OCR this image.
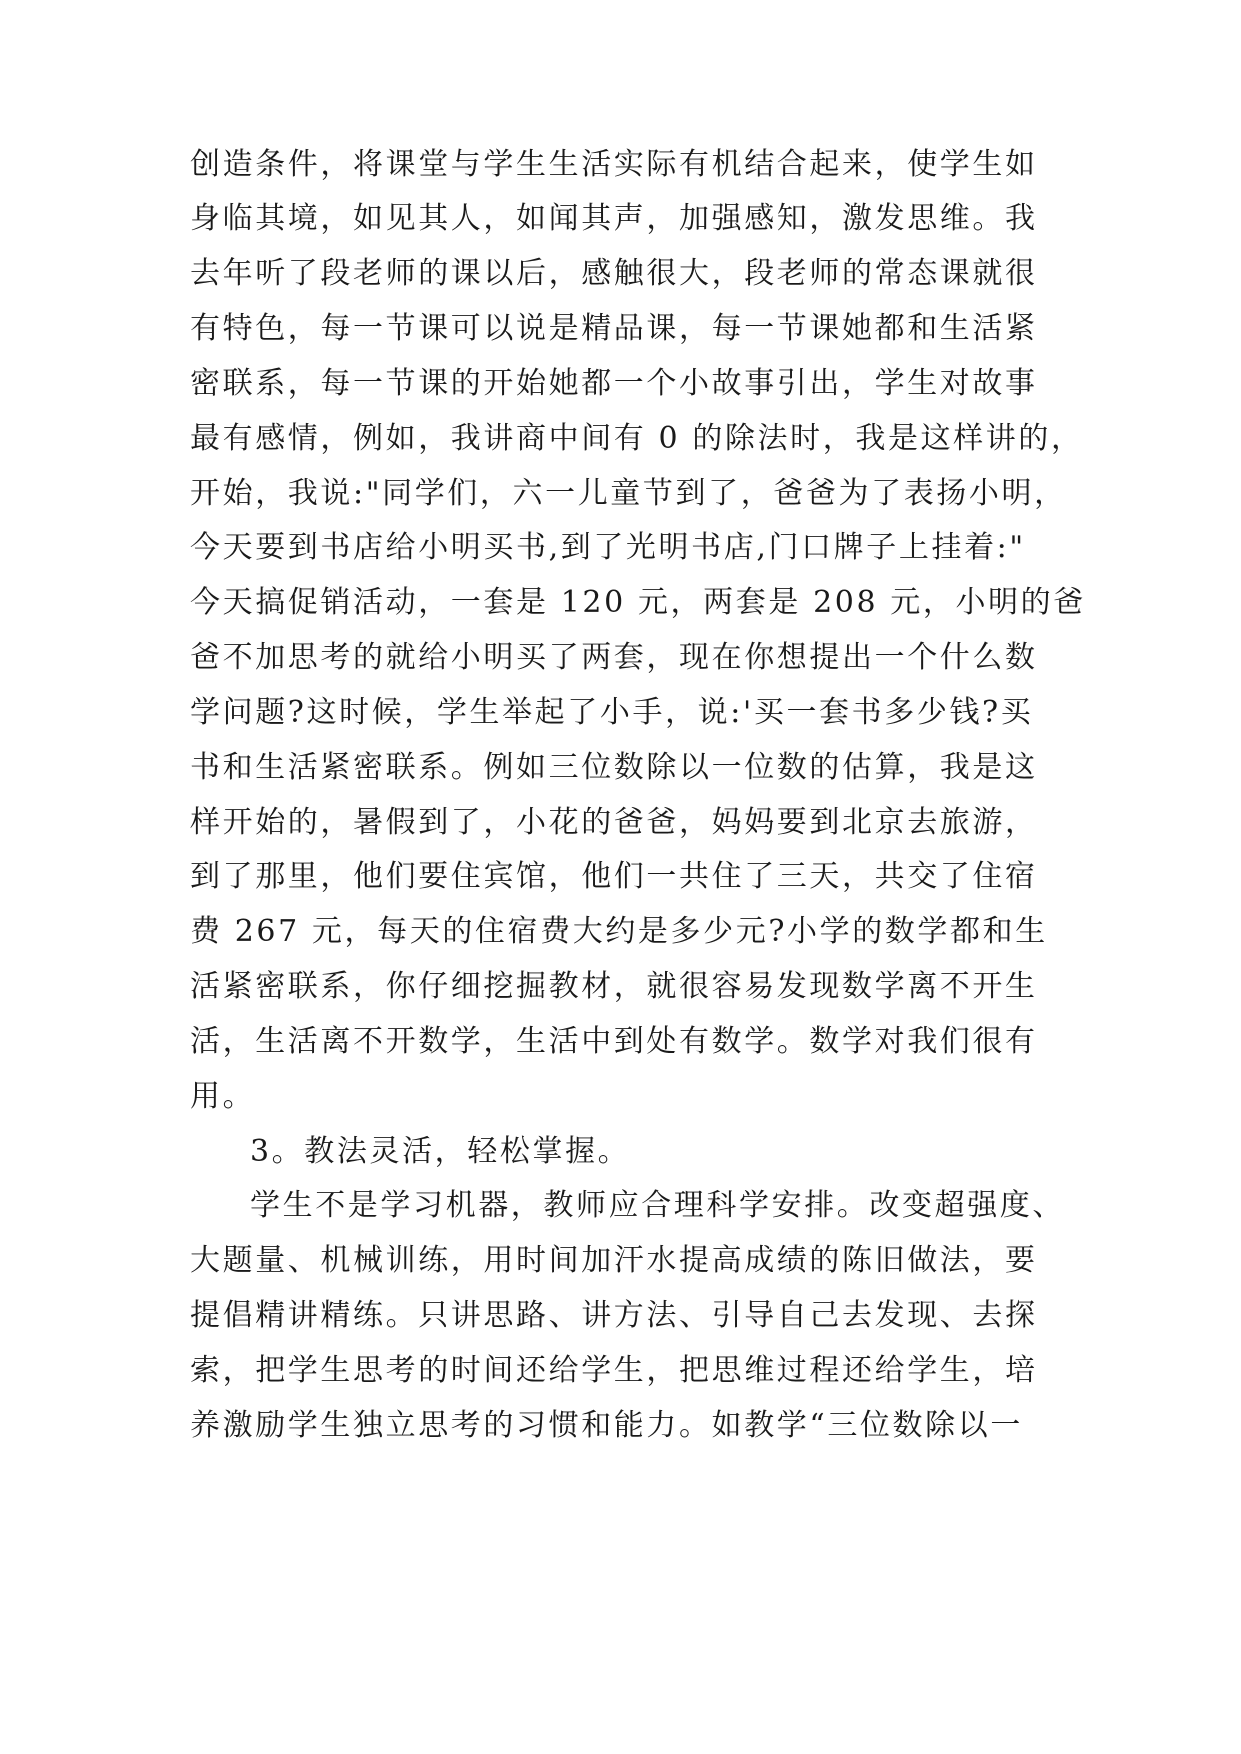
创造条件，将课堂与学生生活实际有机结合起来，使学生如
身临其境，如见其人，如闻其声，加强感知，激发思维。我
去年听了段老师的课以后，感触很大，段老师的常态课就很
有特色，每一节课可以说是精品课，每一节课她都和生活紧
密联系，每一节课的开始她都一个小故事引出，学生对故事
最有感情，例如，我讲商中间有 0 的除法时，我是这样讲的，
开始，我说:"同学们，六一儿童节到了，爸爸为了表扬小明，
今天要到书店给小明买书,到了光明书店,门口牌子上挂着:"
今天搞促销活动，一套是 120 元，两套是 208 元，小明的爸
爸不加思考的就给小明买了两套，现在你想提出一个什么数
学问题?这时候，学生举起了小手，说:'买一套书多少钱?买
书和生活紧密联系。例如三位数除以一位数的估算，我是这
样开始的，暑假到了，小花的爸爸，妈妈要到北京去旅游，
到了那里，他们要住宾馆，他们一共住了三天，共交了住宿
费 267 元，每天的住宿费大约是多少元?小学的数学都和生
活紧密联系，你仔细挖掘教材，就很容易发现数学离不开生
活，生活离不开数学，生活中到处有数学。数学对我们很有
用。
3。教法灵活，轻松掌握。
学生不是学习机器，教师应合理科学安排。改变超强度、
大题量、机械训练，用时间加汗水提高成绩的陈旧做法，要
提倡精讲精练。只讲思路、讲方法、引导自己去发现、去探
索，把学生思考的时间还给学生，把思维过程还给学生，培
养激励学生独立思考的习惯和能力。如教学“三位数除以一
